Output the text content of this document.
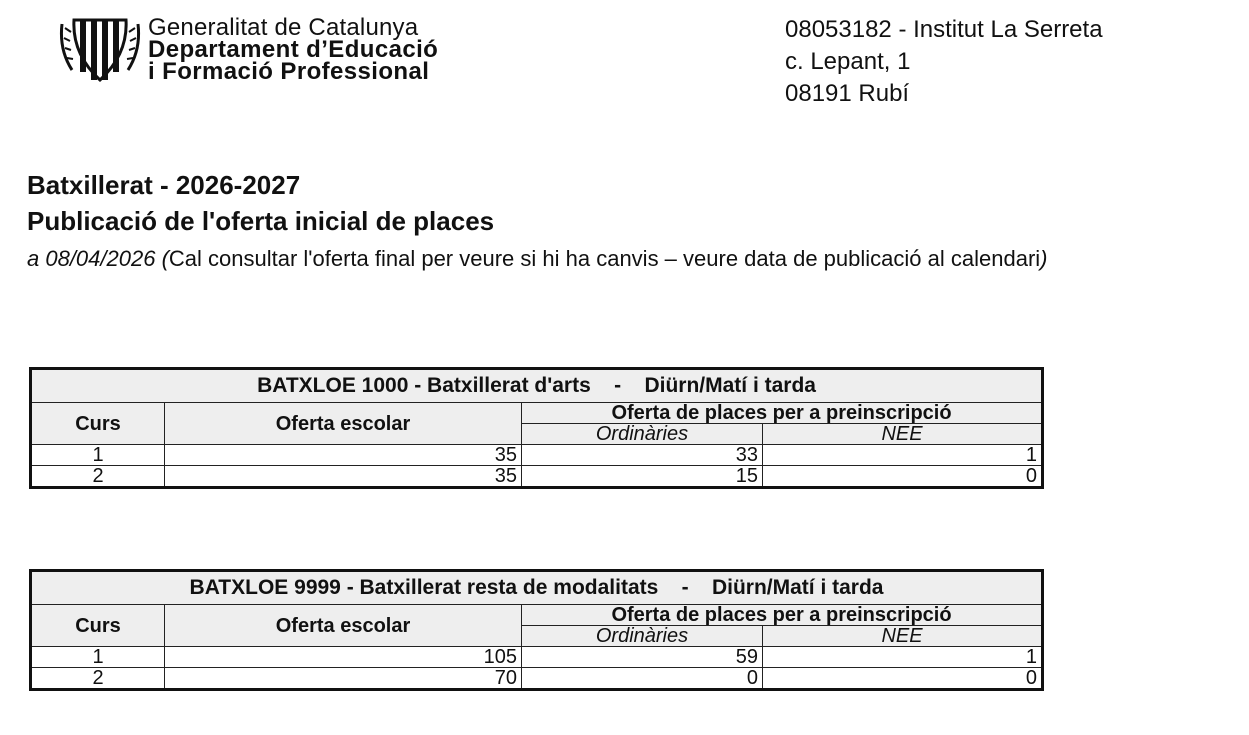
Generalitat de Catalunya
Departament d’Educació
i Formació Professional
08053182 - Institut La Serreta
c. Lepant, 1
08191 Rubí
Batxillerat - 2026-2027
Publicació de l'oferta inicial de places
a 08/04/2026 (Cal consultar l'oferta final per veure si hi ha canvis – veure data de publicació al calendari)
BATXLOE 1000 - Batxillerat d'arts    -    Diürn/Matí i tarda			
Curs	Oferta escolar	Oferta de places per a preinscripció	
		Ordinàries	NEE
1	35	33	1
2	35	15	0
BATXLOE 9999 - Batxillerat resta de modalitats    -    Diürn/Matí i tarda			
Curs	Oferta escolar	Oferta de places per a preinscripció	
		Ordinàries	NEE
1	105	59	1
2	70	0	0
